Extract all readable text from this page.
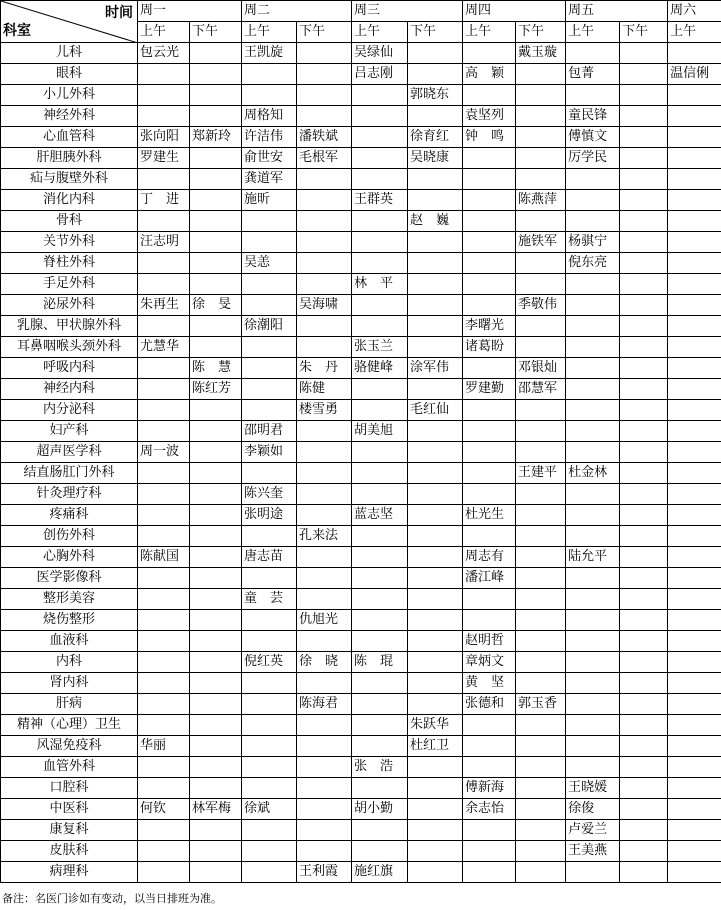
时间
科室	周一		周二		周三		周四		周五		周六
	上午	下午	上午	下午	上午	下午	上午	下午	上午	下午	上午
儿科	包云光		王凯旋		吴绿仙			戴玉璇			
眼科					吕志刚		高　颖		包菁		温信俐
小儿外科						郭晓东					
神经外科			周格知				袁坚列		童民锋		
心血管科	张向阳	郑新玲	许洁伟	潘轶斌		徐育红	钟　鸣		傅慎文		
肝胆胰外科	罗建生		俞世安	毛根军		吴晓康			厉学民		
疝与腹壁外科			龚道军								
消化内科	丁　进		施昕		王群英			陈燕萍			
骨科						赵　巍					
关节外科	汪志明							施铁军	杨骐宁		
脊柱外科			吴恙						倪东亮		
手足外科					林　平						
泌尿外科	朱再生	徐　旻		吴海啸				季敬伟			
乳腺、甲状腺外科			徐潮阳				李曙光				
耳鼻咽喉头颈外科	尤慧华				张玉兰		诸葛盼				
呼吸内科		陈　慧		朱　丹	骆健峰	涂军伟		邓银灿			
神经内科		陈红芳		陈健			罗建勤	邵慧军			
内分泌科				楼雪勇		毛红仙					
妇产科			邵明君		胡美旭						
超声医学科	周一波		李颖如								
结直肠肛门外科								王建平	杜金林		
针灸理疗科			陈兴奎								
疼痛科			张明途		蓝志坚		杜光生				
创伤外科				孔来法							
心胸外科	陈献国		唐志苗				周志有		陆允平		
医学影像科							潘江峰				
整形美容			童　芸								
烧伤整形				仇旭光							
血液科							赵明哲				
内科			倪红英	徐　晓	陈　琨		章炳文				
肾内科							黄　坚				
肝病				陈海君			张德和	郭玉香			
精神（心理）卫生						朱跃华					
风湿免疫科	华丽					杜红卫					
血管外科					张　浩						
口腔科							傅新海		王晓媛		
中医科	何钦	林军梅	徐斌		胡小勤		余志怡		徐俊		
康复科									卢爱兰		
皮肤科									王美燕		
病理科				王利霞	施红旗						
备注：名医门诊如有变动，以当日排班为准。
